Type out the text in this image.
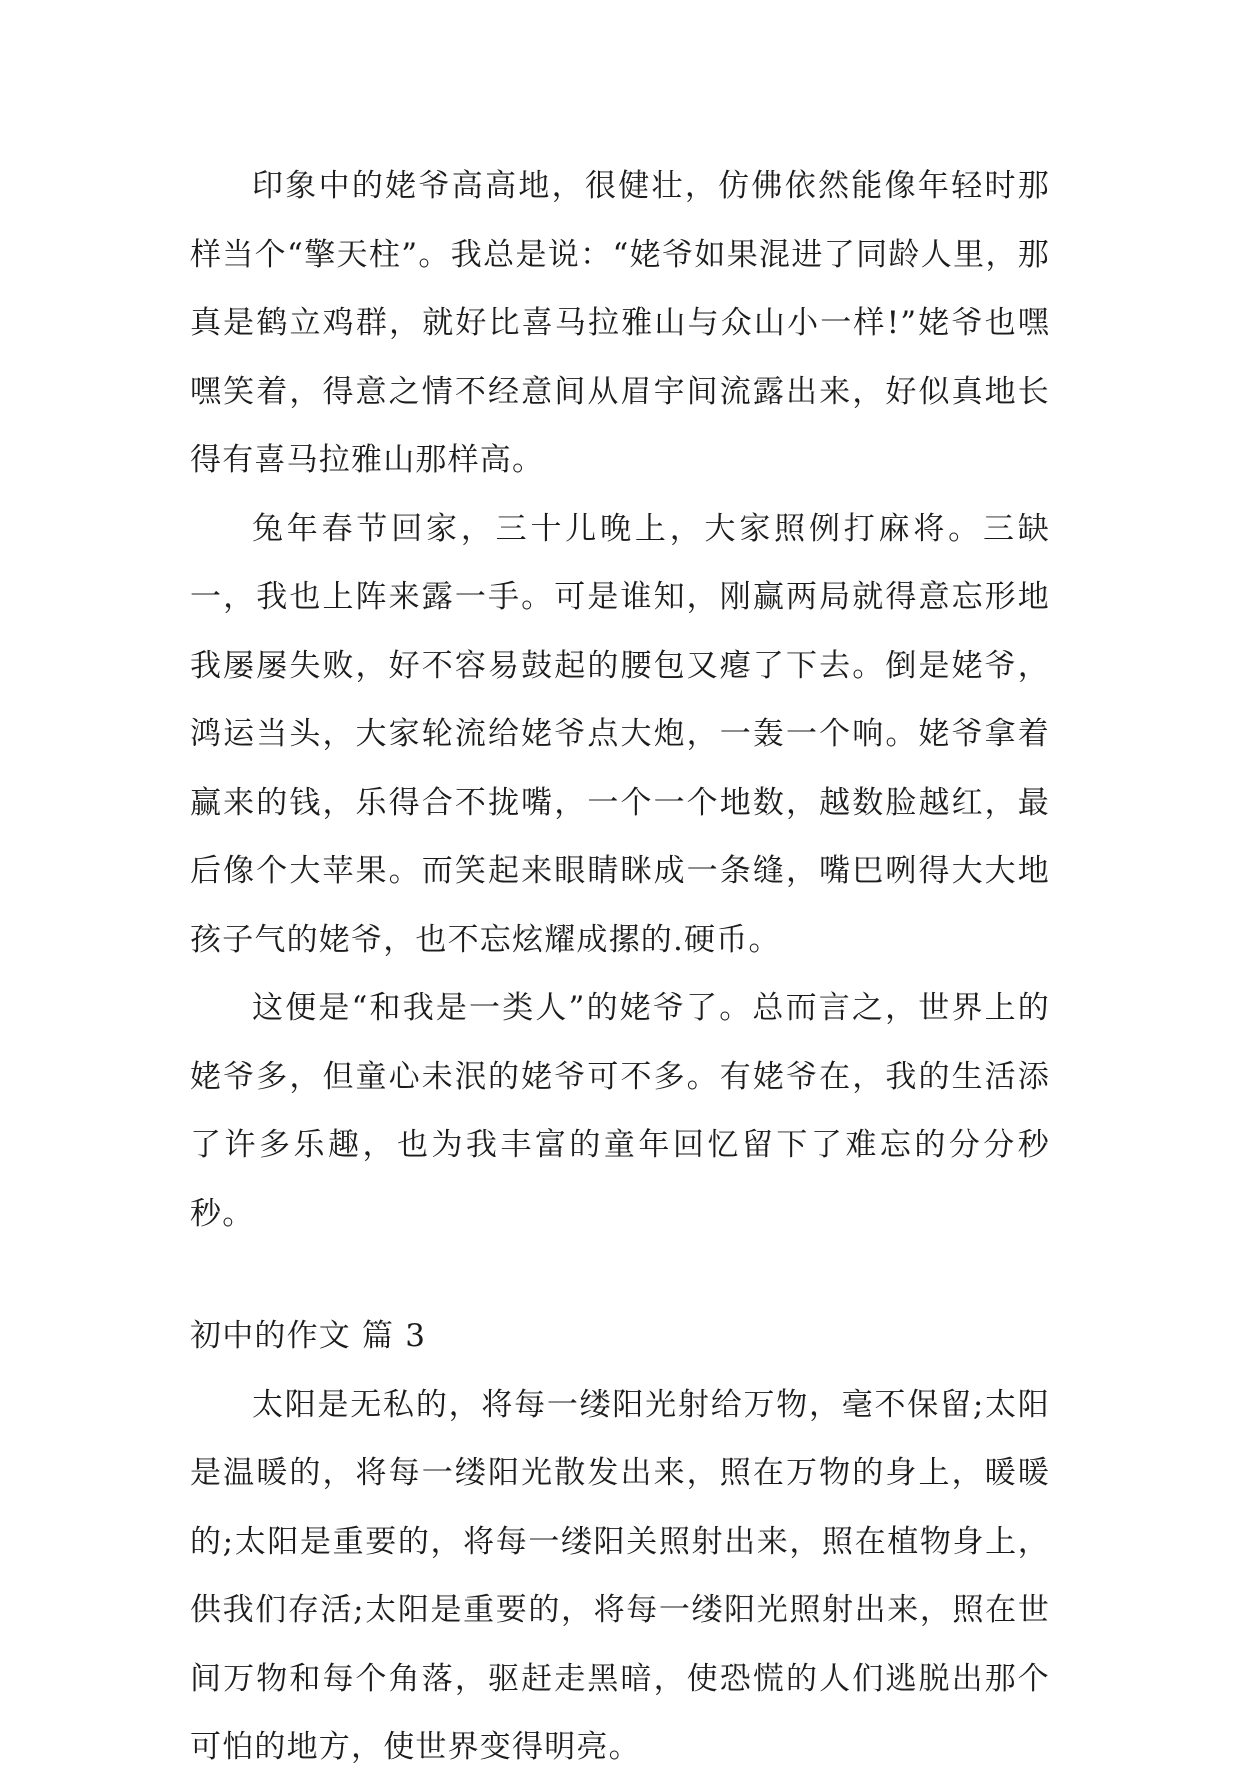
印象中的姥爷高高地，很健壮，仿佛依然能像年轻时那样当个“擎天柱”。我总是说：“姥爷如果混进了同龄人里，那真是鹤立鸡群，就好比喜马拉雅山与众山小一样!”姥爷也嘿嘿笑着，得意之情不经意间从眉宇间流露出来，好似真地长得有喜马拉雅山那样高。

兔年春节回家，三十儿晚上，大家照例打麻将。三缺一，我也上阵来露一手。可是谁知，刚赢两局就得意忘形地我屡屡失败，好不容易鼓起的腰包又瘪了下去。倒是姥爷，鸿运当头，大家轮流给姥爷点大炮，一轰一个响。姥爷拿着赢来的钱，乐得合不拢嘴，一个一个地数，越数脸越红，最后像个大苹果。而笑起来眼睛眯成一条缝，嘴巴咧得大大地孩子气的姥爷，也不忘炫耀成摞的.硬币。

这便是“和我是一类人”的姥爷了。总而言之，世界上的姥爷多，但童心未泯的姥爷可不多。有姥爷在，我的生活添了许多乐趣，也为我丰富的童年回忆留下了难忘的分分秒秒。

初中的作文 篇 3

太阳是无私的，将每一缕阳光射给万物，毫不保留;太阳是温暖的，将每一缕阳光散发出来，照在万物的身上，暖暖的;太阳是重要的，将每一缕阳关照射出来，照在植物身上，供我们存活;太阳是重要的，将每一缕阳光照射出来，照在世间万物和每个角落，驱赶走黑暗，使恐慌的人们逃脱出那个可怕的地方，使世界变得明亮。
